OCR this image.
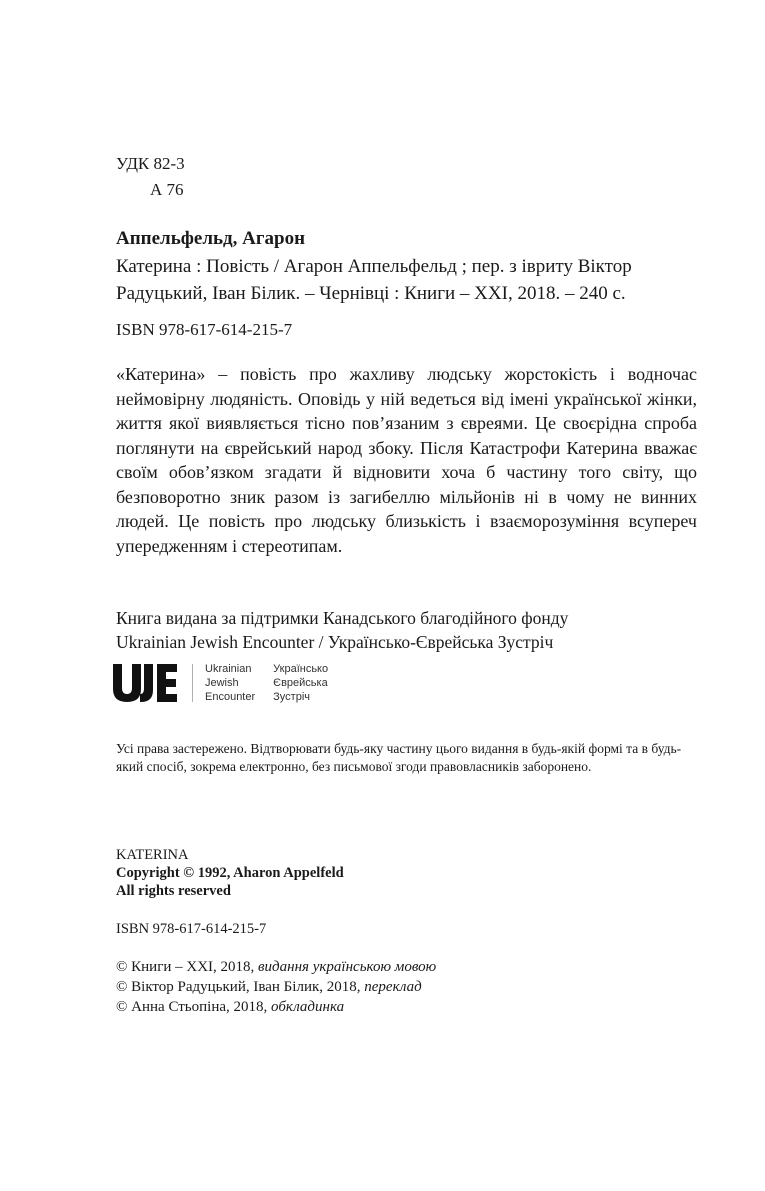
УДК 82-3
А 76
Аппельфельд, Агарон
Катерина : Повість / Агарон Аппельфельд ; пер. з івриту Віктор Радуцький, Іван Білик. – Чернівці : Книги – XXI, 2018. – 240 с.
ISBN 978-617-614-215-7
«Катерина» – повість про жахливу людську жорстокість і водночас неймовірну людяність. Оповідь у ній ведеться від імені української жінки, життя якої виявляється тісно пов’язаним з євреями. Це своєрідна спроба поглянути на єврейський народ збоку. Після Катастрофи Катерина вважає своїм обов’язком згадати й відновити хоча б частину того світу, що безповоротно зник разом із загибеллю мільйонів ні в чому не винних людей. Це повість про людську близькість і взаєморозуміння всупереч упередженням і стереотипам.
Книга видана за підтримки Канадського благодійного фонду
Ukrainian Jewish Encounter / Українсько-Єврейська Зустріч
Ukrainian
Jewish
Encounter
Українсько
Єврейська
Зустріч
Усі права застережено. Відтворювати будь-яку частину цього видання в будь-якій формі та в будь-який спосіб, зокрема електронно, без письмової згоди правовласників заборонено.
KATERINA
Copyright © 1992, Aharon Appelfeld
All rights reserved
ISBN 978-617-614-215-7
© Книги – XXI, 2018, видання українською мовою
© Віктор Радуцький, Іван Білик, 2018, переклад
© Анна Стьопіна, 2018, обкладинка
